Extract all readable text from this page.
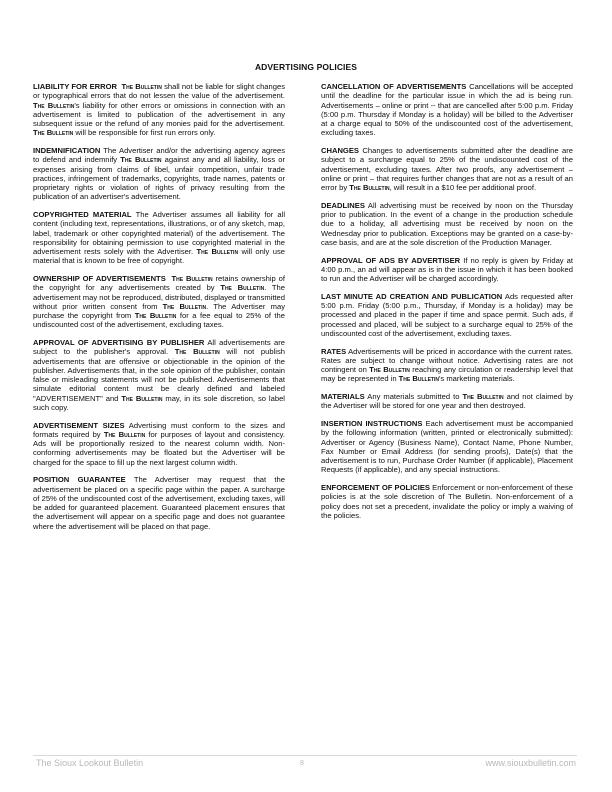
ADVERTISING POLICIES

LIABILITY FOR ERROR The Bulletin shall not be liable for slight changes or typographical errors that do not lessen the value of the advertisement. The Bulletin's liability for other errors or omissions in connection with an advertisement is limited to publication of the advertisement in any subsequent issue or the refund of any monies paid for the advertisement. The Bulletin will be responsible for first run errors only.

INDEMNIFICATION The Advertiser and/or the advertising agency agrees to defend and indemnify The Bulletin against any and all liability, loss or expenses arising from claims of libel, unfair competition, unfair trade practices, infringement of trademarks, copyrights, trade names, patents or proprietary rights or violation of rights of privacy resulting from the publication of an advertiser's advertisement.

COPYRIGHTED MATERIAL The Advertiser assumes all liability for all content (including text, representations, illustrations, or of any sketch, map, label, trademark or other copyrighted material) of the advertisement. The responsibility for obtaining permission to use copyrighted material in the advertisement rests solely with the Advertiser. The Bulletin will only use material that is known to be free of copyright.

OWNERSHIP OF ADVERTISEMENTS The Bulletin retains ownership of the copyright for any advertisements created by The Bulletin. The advertisement may not be reproduced, distributed, displayed or transmitted without prior written consent from The Bulletin. The Advertiser may purchase the copyright from The Bulletin for a fee equal to 25% of the undiscounted cost of the advertisement, excluding taxes.

APPROVAL OF ADVERTISING BY PUBLISHER All advertisements are subject to the publisher's approval. The Bulletin will not publish advertisements that are offensive or objectionable in the opinion of the publisher. Advertisements that, in the sole opinion of the publisher, contain false or misleading statements will not be published. Advertisements that simulate editorial content must be clearly defined and labeled "ADVERTISEMENT" and The Bulletin may, in its sole discretion, so label such copy.

ADVERTISEMENT SIZES Advertising must conform to the sizes and formats required by The Bulletin for purposes of layout and consistency. Ads will be proportionally resized to the nearest column width. Non-conforming advertisements may be floated but the Advertiser will be charged for the space to fill up the next largest column width.

POSITION GUARANTEE The Advertiser may request that the advertisement be placed on a specific page within the paper. A surcharge of 25% of the undiscounted cost of the advertisement, excluding taxes, will be added for guaranteed placement. Guaranteed placement ensures that the advertisement will appear on a specific page and does not guarantee where the advertisement will be placed on that page.

CANCELLATION OF ADVERTISEMENTS Cancellations will be accepted until the deadline for the particular issue in which the ad is being run. Advertisements – online or print -- that are cancelled after 5:00 p.m. Friday (5:00 p.m. Thursday if Monday is a holiday) will be billed to the Advertiser at a charge equal to 50% of the undiscounted cost of the advertisement, excluding taxes.

CHANGES Changes to advertisements submitted after the deadline are subject to a surcharge equal to 25% of the undiscounted cost of the advertisement, excluding taxes. After two proofs, any advertisement – online or print – that requires further changes that are not as a result of an error by The Bulletin, will result in a $10 fee per additional proof.

DEADLINES All advertising must be received by noon on the Thursday prior to publication. In the event of a change in the production schedule due to a holiday, all advertising must be received by noon on the Wednesday prior to publication. Exceptions may be granted on a case-by-case basis, and are at the sole discretion of the Production Manager.

APPROVAL OF ADS BY ADVERTISER If no reply is given by Friday at 4:00 p.m., an ad will appear as is in the issue in which it has been booked to run and the Advertiser will be charged accordingly.

LAST MINUTE AD CREATION AND PUBLICATION Ads requested after 5:00 p.m. Friday (5:00 p.m., Thursday, if Monday is a holiday) may be processed and placed in the paper if time and space permit. Such ads, if processed and placed, will be subject to a surcharge equal to 25% of the undiscounted cost of the advertisement, excluding taxes.

RATES Advertisements will be priced in accordance with the current rates. Rates are subject to change without notice. Advertising rates are not contingent on The Bulletin reaching any circulation or readership level that may be represented in The Bulletin's marketing materials.

MATERIALS Any materials submitted to The Bulletin and not claimed by the Advertiser will be stored for one year and then destroyed.

INSERTION INSTRUCTIONS Each advertisement must be accompanied by the following information (written, printed or electronically submitted): Advertiser or Agency (Business Name), Contact Name, Phone Number, Fax Number or Email Address (for sending proofs), Date(s) that the advertisement is to run, Purchase Order Number (if applicable), Placement Requests (if applicable), and any special instructions.

ENFORCEMENT OF POLICIES Enforcement or non-enforcement of these policies is at the sole discretion of The Bulletin. Non-enforcement of a policy does not set a precedent, invalidate the policy or imply a waiving of the policies.

The Sioux Lookout Bulletin	8	www.siouxbulletin.com
